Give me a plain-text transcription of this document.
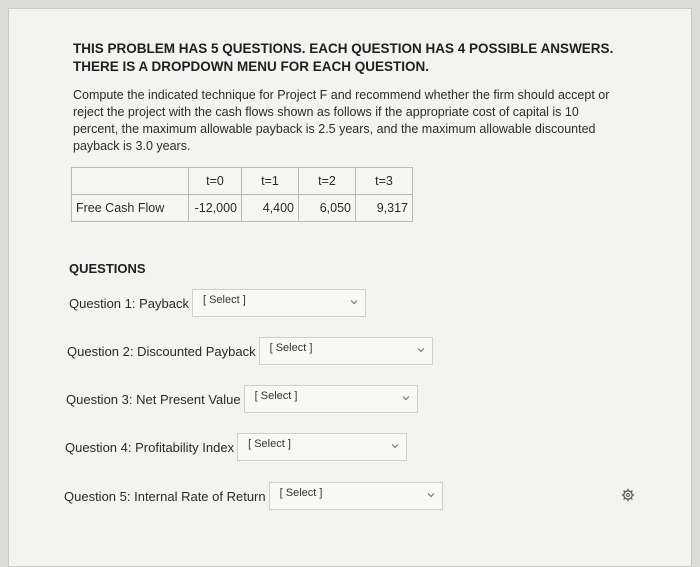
THIS PROBLEM HAS 5 QUESTIONS. EACH QUESTION HAS 4 POSSIBLE ANSWERS. THERE IS A DROPDOWN MENU FOR EACH QUESTION.
Compute the indicated technique for Project F and recommend whether the firm should accept or reject the project with the cash flows shown as follows if the appropriate cost of capital is 10 percent, the maximum allowable payback is 2.5 years, and the maximum allowable discounted payback is 3.0 years.
	t=0	t=1	t=2	t=3
Free Cash Flow	-12,000	4,400	6,050	9,317
QUESTIONS
Question 1: Payback [ Select ]
Question 2: Discounted Payback [ Select ]
Question 3: Net Present Value [ Select ]
Question 4: Profitability Index [ Select ]
Question 5: Internal Rate of Return [ Select ]
